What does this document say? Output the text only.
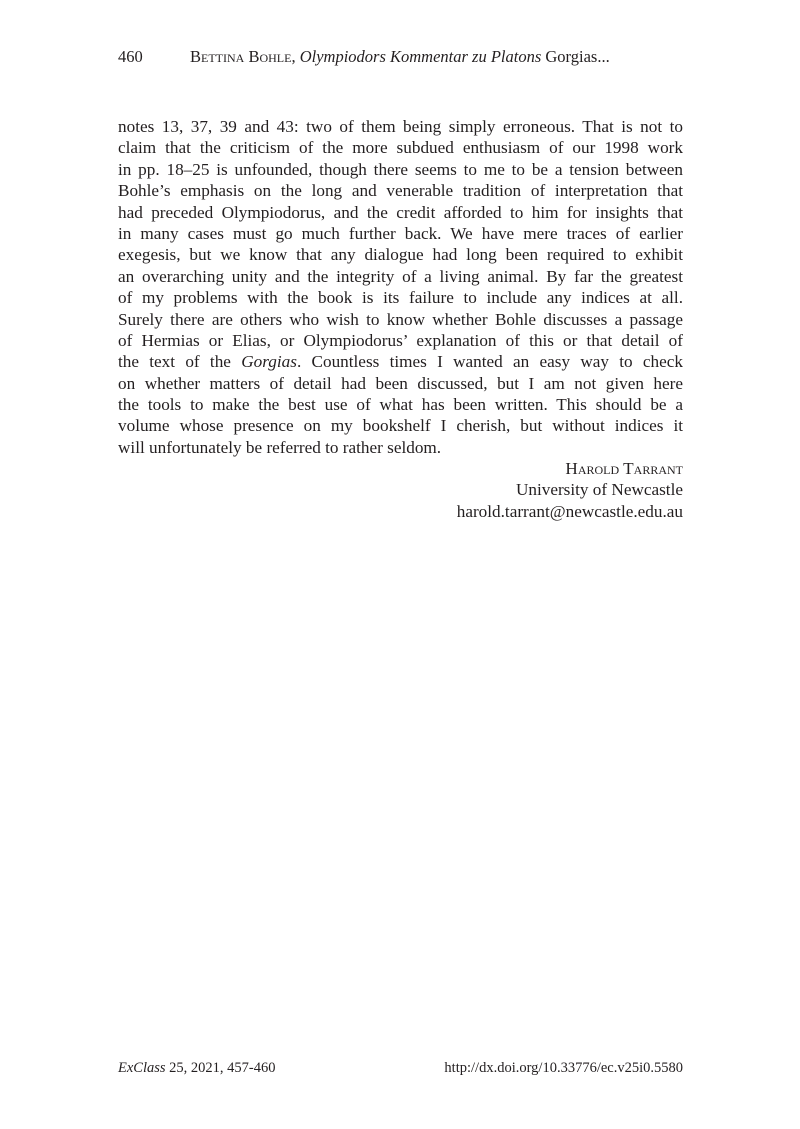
460	Bettina Bohle, Olympiodors Kommentar zu Platons Gorgias...
notes 13, 37, 39 and 43: two of them being simply erroneous. That is not to
claim that the criticism of the more subdued enthusiasm of our 1998 work
in pp. 18–25 is unfounded, though there seems to me to be a tension between
Bohle’s emphasis on the long and venerable tradition of interpretation that
had preceded Olympiodorus, and the credit afforded to him for insights that
in many cases must go much further back. We have mere traces of earlier
exegesis, but we know that any dialogue had long been required to exhibit
an overarching unity and the integrity of a living animal. By far the greatest
of my problems with the book is its failure to include any indices at all.
Surely there are others who wish to know whether Bohle discusses a passage
of Hermias or Elias, or Olympiodorus’ explanation of this or that detail of
the text of the Gorgias. Countless times I wanted an easy way to check
on whether matters of detail had been discussed, but I am not given here
the tools to make the best use of what has been written. This should be a
volume whose presence on my bookshelf I cherish, but without indices it
will unfortunately be referred to rather seldom.
Harold Tarrant
University of Newcastle
harold.tarrant@newcastle.edu.au
ExClass 25, 2021, 457-460	http://dx.doi.org/10.33776/ec.v25i0.5580
